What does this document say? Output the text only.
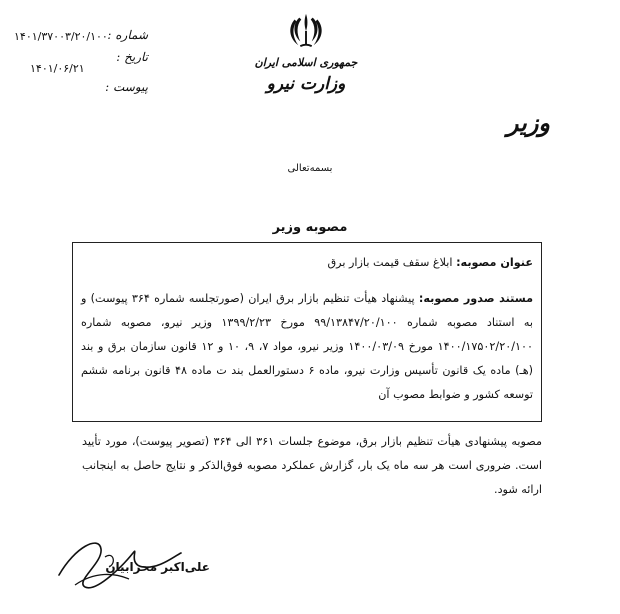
شماره :
۱۴۰۱/۳۷۰۰۳/۲۰/۱۰۰
تاریخ :
۱۴۰۱/۰۶/۲۱
پیوست :
جمهوری اسلامی ایران
وزارت نیرو
وزیر
بسمه‌تعالی
مصوبه وزیر

عنوان مصوبه: ابلاغ سقف قیمت بازار برق

مستند صدور مصوبه: پیشنهاد هیأت تنظیم بازار برق ایران (صورتجلسه شماره ۳۶۴ پیوست) و به استناد مصوبه شماره ۹۹/۱۳۸۴۷/۲۰/۱۰۰ مورخ ۱۳۹۹/۲/۲۳ وزیر نیرو، مصوبه شماره ۱۴۰۰/۱۷۵۰۲/۲۰/۱۰۰ مورخ ۱۴۰۰/۰۳/۰۹ وزیر نیرو، مواد ۷، ۹، ۱۰ و ۱۲ قانون سازمان برق و بند (هـ) ماده یک قانون تأسیس وزارت نیرو، ماده ۶ دستورالعمل بند ت ماده ۴۸ قانون برنامه ششم توسعه کشور و ضوابط مصوب آن

مصوبه پیشنهادی هیأت تنظیم بازار برق، موضوع جلسات ۳۶۱ الی ۳۶۴ (تصویر پیوست)، مورد تأیید است. ضروری است هر سه ماه یک بار، گزارش عملکرد مصوبه فوق‌الذکر و نتایج حاصل به اینجانب ارائه شود.

علی‌اکبر محرابیان
